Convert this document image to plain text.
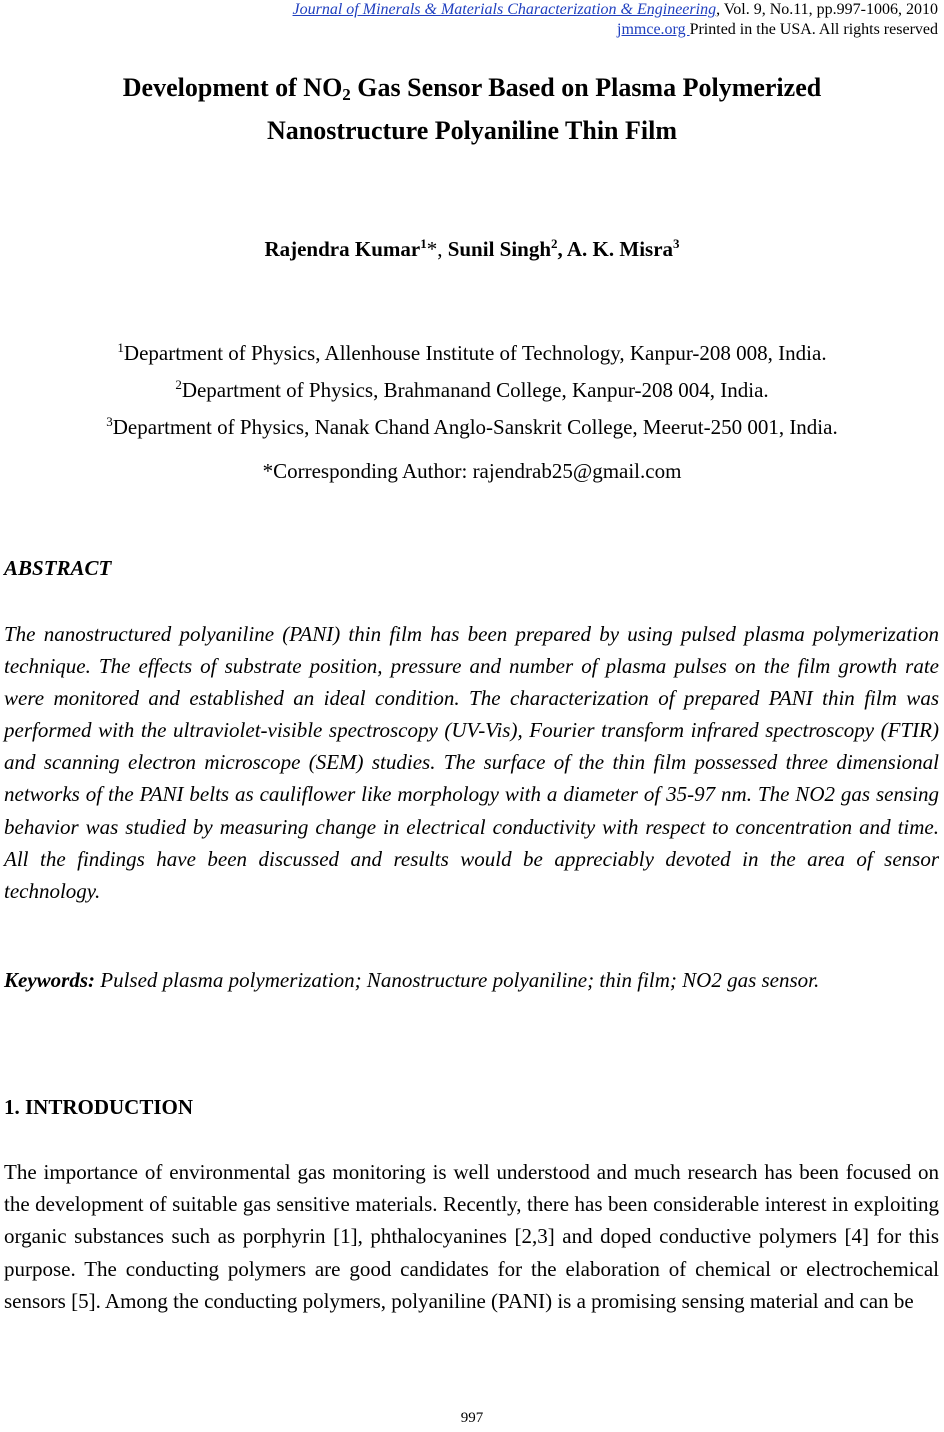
Journal of Minerals & Materials Characterization & Engineering, Vol. 9, No.11, pp.997-1006, 2010
jmmce.org Printed in the USA. All rights reserved
Development of $NO_2$ Gas Sensor Based on Plasma Polymerized
Nanostructure Polyaniline Thin Film
Rajendra Kumar$^1$*, Sunil Singh$^2$, A. K. Misra$^3$
$^1$Department of Physics, Allenhouse Institute of Technology, Kanpur-208 008, India.
$^2$Department of Physics, Brahmanand College, Kanpur-208 004, India.
$^3$Department of Physics, Nanak Chand Anglo-Sanskrit College, Meerut-250 001, India.
*Corresponding Author: rajendrab25@gmail.com
ABSTRACT
The nanostructured polyaniline (PANI) thin film has been prepared by using pulsed plasma polymerization technique. The effects of substrate position, pressure and number of plasma pulses on the film growth rate were monitored and established an ideal condition. The characterization of prepared PANI thin film was performed with the ultraviolet-visible spectroscopy (UV-Vis), Fourier transform infrared spectroscopy (FTIR) and scanning electron microscope (SEM) studies. The surface of the thin film possessed three dimensional networks of the PANI belts as cauliflower like morphology with a diameter of 35-97 nm. The NO2 gas sensing behavior was studied by measuring change in electrical conductivity with respect to concentration and time. All the findings have been discussed and results would be appreciably devoted in the area of sensor technology.
Keywords: Pulsed plasma polymerization; Nanostructure polyaniline; thin film; NO2 gas sensor.
1. INTRODUCTION
The importance of environmental gas monitoring is well understood and much research has been focused on the development of suitable gas sensitive materials. Recently, there has been considerable interest in exploiting organic substances such as porphyrin [1], phthalocyanines [2,3] and doped conductive polymers [4] for this purpose. The conducting polymers are good candidates for the elaboration of chemical or electrochemical sensors [5]. Among the conducting polymers, polyaniline (PANI) is a promising sensing material and can be
997
